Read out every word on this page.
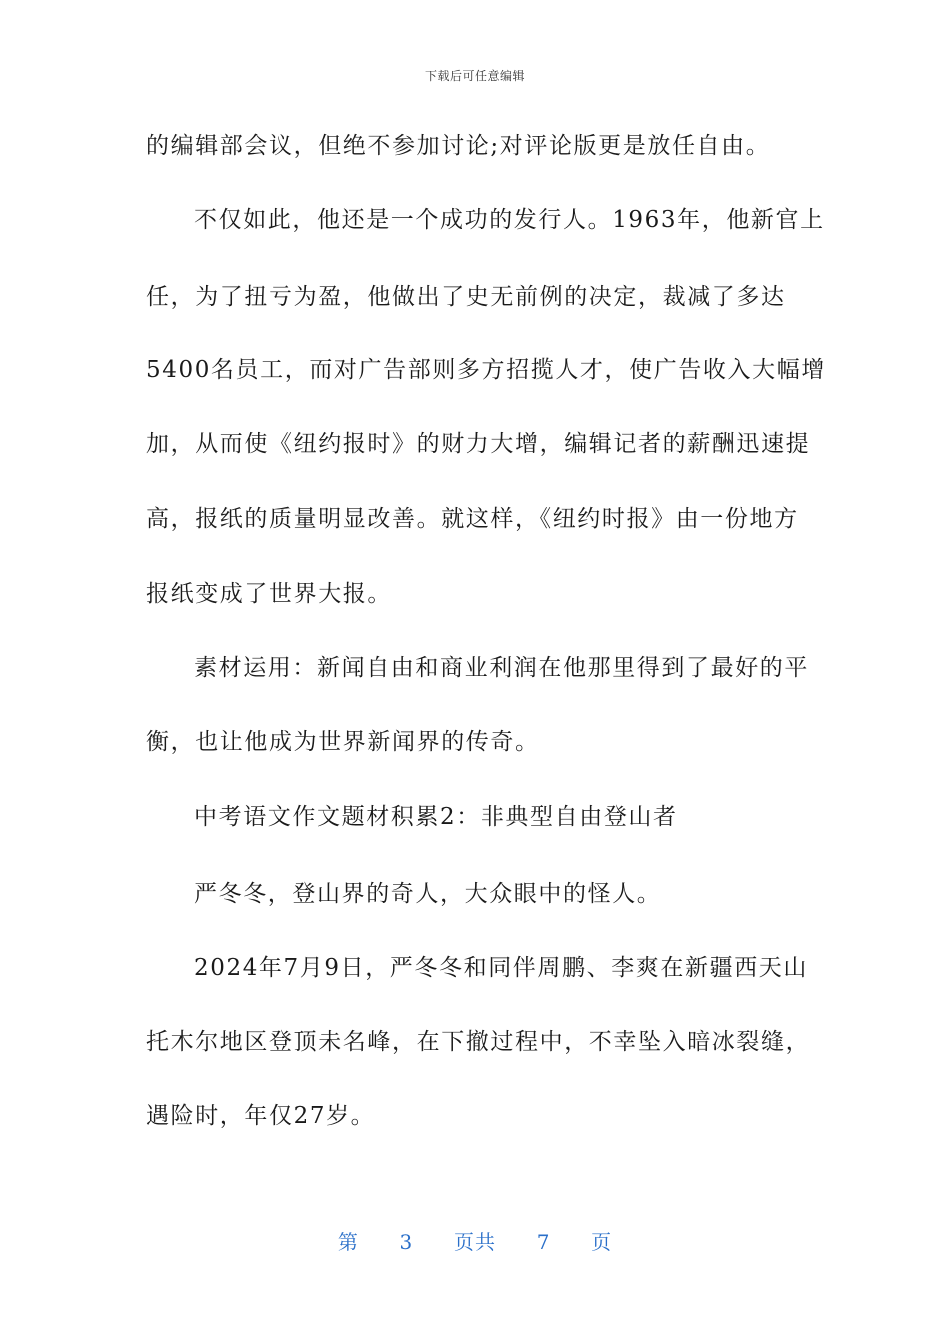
下载后可任意编辑
的编辑部会议，但绝不参加讨论;对评论版更是放任自由。
不仅如此，他还是一个成功的发行人。1963年，他新官上
任，为了扭亏为盈，他做出了史无前例的决定，裁减了多达
5400名员工，而对广告部则多方招揽人才，使广告收入大幅增
加，从而使《纽约报时》的财力大增，编辑记者的薪酬迅速提
高，报纸的质量明显改善。就这样，《纽约时报》由一份地方
报纸变成了世界大报。
素材运用：新闻自由和商业利润在他那里得到了最好的平
衡，也让他成为世界新闻界的传奇。
中考语文作文题材积累2：非典型自由登山者
严冬冬，登山界的奇人，大众眼中的怪人。
2024年7月9日，严冬冬和同伴周鹏、李爽在新疆西天山
托木尔地区登顶未名峰，在下撤过程中，不幸坠入暗冰裂缝，
遇险时，年仅27岁。
第 3 页共 7 页
